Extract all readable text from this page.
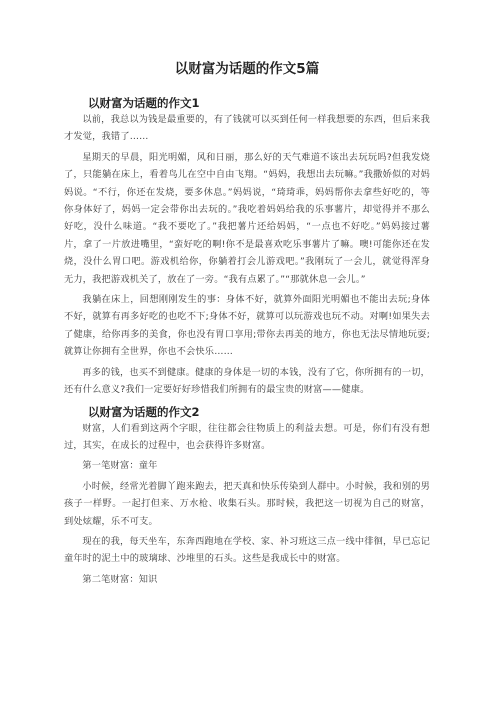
以财富为话题的作文5篇
以财富为话题的作文1

以前，我总以为钱是最重要的，有了钱就可以买到任何一样我想要的东西，但后来我才发觉，我错了……

星期天的早晨，阳光明媚，风和日丽，那么好的天气难道不该出去玩玩吗?但我发烧了，只能躺在床上，看着鸟儿在空中自由飞翔。“妈妈，我想出去玩嘛。”我撒娇似的对妈妈说。“不行，你还在发烧，要多休息。”妈妈说，“琦琦乖，妈妈帮你去拿些好吃的，等你身体好了，妈妈一定会带你出去玩的。”我吃着妈妈给我的乐事薯片，却觉得并不那么好吃，没什么味道。“我不要吃了。”我把薯片还给妈妈，“一点也不好吃。”妈妈接过薯片，拿了一片放进嘴里，“蛮好吃的啊!你不是最喜欢吃乐事薯片了嘛。噢!可能你还在发烧，没什么胃口吧。游戏机给你，你躺着打会儿游戏吧。”我刚玩了一会儿，就觉得浑身无力，我把游戏机关了，放在了一旁。“我有点累了。”“那就休息一会儿。”

我躺在床上，回想刚刚发生的事：身体不好，就算外面阳光明媚也不能出去玩;身体不好，就算有再多好吃的也吃不下;身体不好，就算可以玩游戏也玩不动。对啊!如果失去了健康，给你再多的美食，你也没有胃口享用;带你去再美的地方，你也无法尽情地玩耍;就算让你拥有全世界，你也不会快乐……

再多的钱，也买不到健康。健康的身体是一切的本钱，没有了它，你所拥有的一切，还有什么意义?我们一定要好好珍惜我们所拥有的最宝贵的财富——健康。

以财富为话题的作文2

财富，人们看到这两个字眼，往往都会往物质上的利益去想。可是，你们有没有想过，其实，在成长的过程中，也会获得许多财富。

第一笔财富：童年

小时候，经常光着脚丫跑来跑去，把天真和快乐传染到人群中。小时候，我和别的男孩子一样野。一起打但来、万水枪、收集石头。那时候，我把这一切视为自己的财富，到处炫耀，乐不可支。

现在的我，每天坐车，东奔西跑地在学校、家、补习班这三点一线中徘徊，早已忘记童年时的泥土中的玻璃球、沙堆里的石头。这些是我成长中的财富。

第二笔财富：知识
